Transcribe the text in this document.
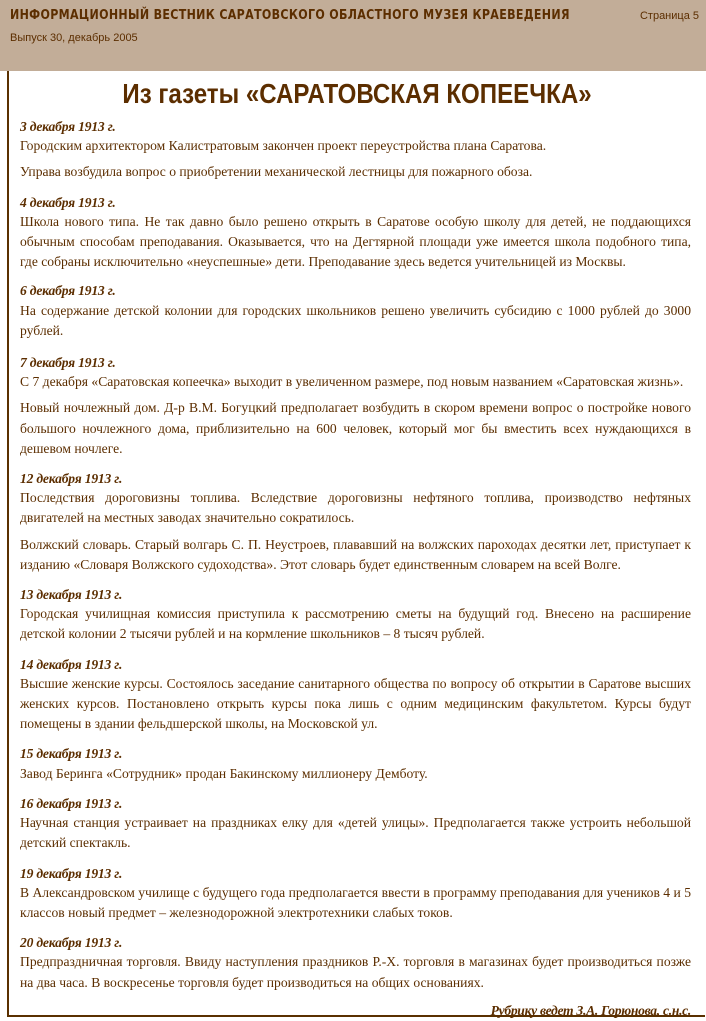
ИНФОРМАЦИОННЫЙ ВЕСТНИК САРАТОВСКОГО ОБЛАСТНОГО МУЗЕЯ КРАЕВЕДЕНИЯ
Выпуск 30, декабрь 2005
Страница 5
Из газеты «САРАТОВСКАЯ КОПЕЕЧКА»
3 декабря 1913 г.
Городским архитектором Калистратовым закончен проект переустройства плана Саратова.
Управа возбудила вопрос о приобретении механической лестницы для пожарного обоза.
4 декабря 1913 г.
Школа нового типа. Не так давно было решено открыть в Саратове особую школу для детей, не поддающихся обычным способам преподавания. Оказывается, что на Дегтярной площади уже имеется школа подобного типа, где собраны исключительно «неуспешные» дети. Преподавание здесь ведется учительницей из Москвы.
6 декабря 1913 г.
На содержание детской колонии для городских школьников решено увеличить субсидию с 1000 рублей до 3000 рублей.
7 декабря 1913 г.
С 7 декабря «Саратовская копеечка» выходит в увеличенном размере, под новым названием «Саратовская жизнь».
Новый ночлежный дом. Д-р В.М. Богуцкий предполагает возбудить в скором времени вопрос о постройке нового большого ночлежного дома, приблизительно на 600 человек, который мог бы вместить всех нуждающихся в дешевом ночлеге.
12 декабря 1913 г.
Последствия дороговизны топлива. Вследствие дороговизны нефтяного топлива, производство нефтяных двигателей на местных заводах значительно сократилось.
Волжский словарь. Старый волгарь С. П. Неустроев, плававший на волжских пароходах десятки лет, приступает к изданию «Словаря Волжского судоходства». Этот словарь будет единственным словарем на всей Волге.
13 декабря 1913 г.
Городская училищная комиссия приступила к рассмотрению сметы на будущий год. Внесено на расширение детской колонии 2 тысячи рублей и на кормление школьников – 8 тысяч рублей.
14 декабря 1913 г.
Высшие женские курсы. Состоялось заседание санитарного общества по вопросу об открытии в Саратове высших женских курсов. Постановлено открыть курсы пока лишь с одним медицинским факультетом. Курсы будут помещены в здании фельдшерской школы, на Московской ул.
15 декабря 1913 г.
Завод Беринга «Сотрудник» продан Бакинскому миллионеру Демботу.
16 декабря 1913 г.
Научная станция устраивает на праздниках елку для «детей улицы». Предполагается также устроить небольшой детский спектакль.
19 декабря 1913 г.
В Александровском училище с будущего года предполагается ввести в программу преподавания для учеников 4 и 5 классов новый предмет – железнодорожной электротехники слабых токов.
20 декабря 1913 г.
Предпраздничная торговля. Ввиду наступления праздников Р.-Х. торговля в магазинах будет производиться позже на два часа. В воскресенье торговля будет производиться на общих основаниях.
Рубрику ведет З.А. Горюнова, с.н.с.
